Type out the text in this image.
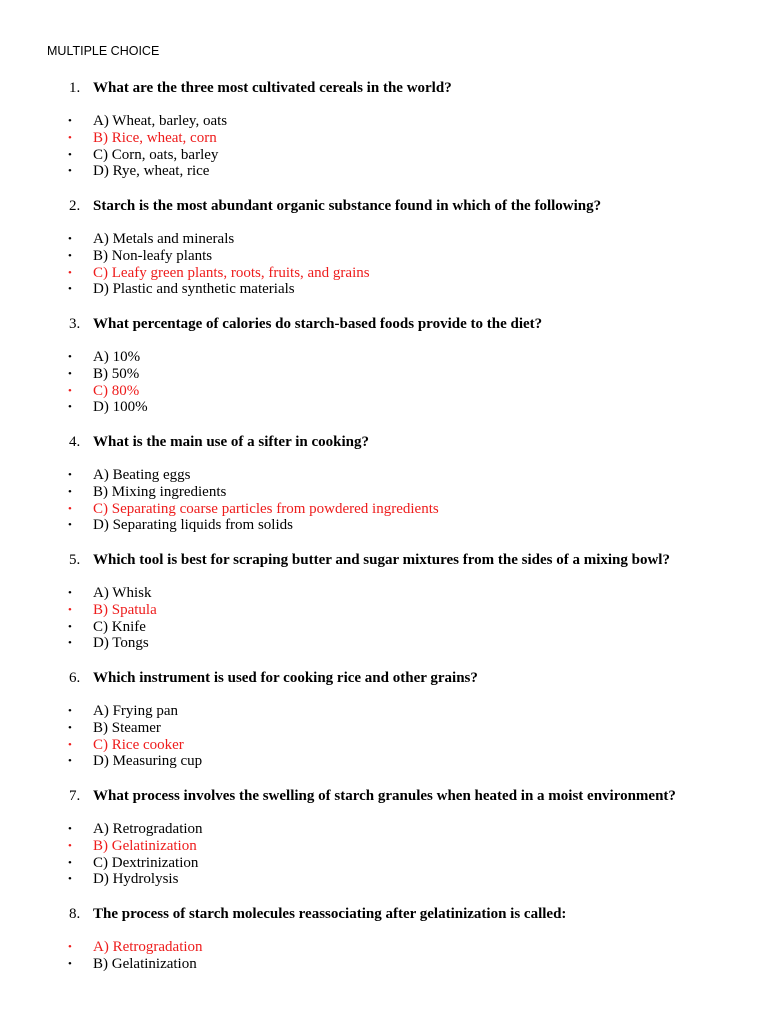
MULTIPLE CHOICE
1. What are the three most cultivated cereals in the world?
• A) Wheat, barley, oats
• B) Rice, wheat, corn
• C) Corn, oats, barley
• D) Rye, wheat, rice
2. Starch is the most abundant organic substance found in which of the following?
• A) Metals and minerals
• B) Non-leafy plants
• C) Leafy green plants, roots, fruits, and grains
• D) Plastic and synthetic materials
3. What percentage of calories do starch-based foods provide to the diet?
• A) 10%
• B) 50%
• C) 80%
• D) 100%
4. What is the main use of a sifter in cooking?
• A) Beating eggs
• B) Mixing ingredients
• C) Separating coarse particles from powdered ingredients
• D) Separating liquids from solids
5. Which tool is best for scraping butter and sugar mixtures from the sides of a mixing bowl?
• A) Whisk
• B) Spatula
• C) Knife
• D) Tongs
6. Which instrument is used for cooking rice and other grains?
• A) Frying pan
• B) Steamer
• C) Rice cooker
• D) Measuring cup
7. What process involves the swelling of starch granules when heated in a moist environment?
• A) Retrogradation
• B) Gelatinization
• C) Dextrinization
• D) Hydrolysis
8. The process of starch molecules reassociating after gelatinization is called:
• A) Retrogradation
• B) Gelatinization
